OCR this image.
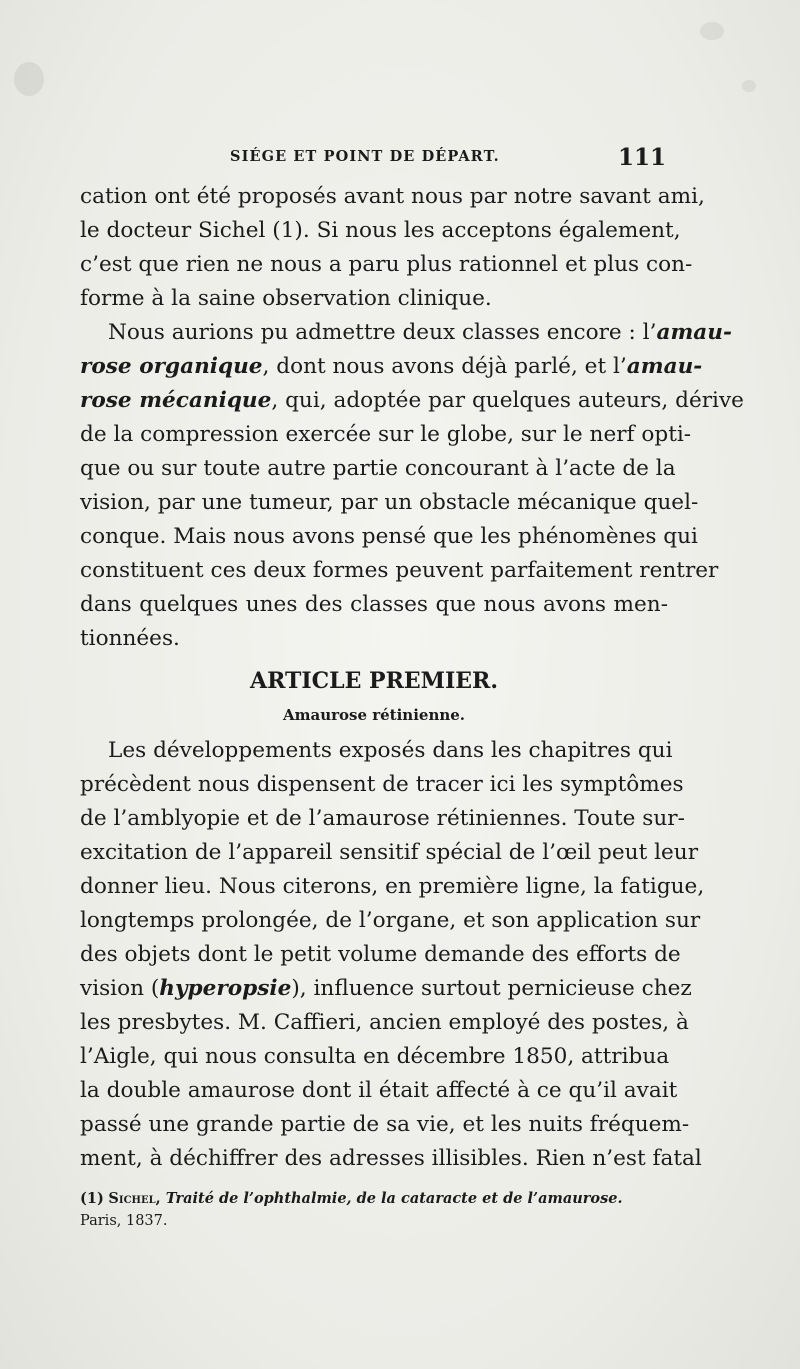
SIÉGE ET POINT DE DÉPART.	111
cation ont été proposés avant nous par notre savant ami,
le docteur Sichel (1). Si nous les acceptons également,
c’est que rien ne nous a paru plus rationnel et plus con-
forme à la saine observation clinique.
Nous aurions pu admettre deux classes encore : l’amau-
rose organique, dont nous avons déjà parlé, et l’amau-
rose mécanique, qui, adoptée par quelques auteurs, dérive
de la compression exercée sur le globe, sur le nerf opti-
que ou sur toute autre partie concourant à l’acte de la
vision, par une tumeur, par un obstacle mécanique quel-
conque. Mais nous avons pensé que les phénomènes qui
constituent ces deux formes peuvent parfaitement rentrer
dans quelques unes des classes que nous avons men-
tionnées.
ARTICLE PREMIER.
Amaurose rétinienne.
Les développements exposés dans les chapitres qui
précèdent nous dispensent de tracer ici les symptômes
de l’amblyopie et de l’amaurose rétiniennes. Toute sur-
excitation de l’appareil sensitif spécial de l’œil peut leur
donner lieu. Nous citerons, en première ligne, la fatigue,
longtemps prolongée, de l’organe, et son application sur
des objets dont le petit volume demande des efforts de
vision (hyperopsie), influence surtout pernicieuse chez
les presbytes. M. Caffieri, ancien employé des postes, à
l’Aigle, qui nous consulta en décembre 1850, attribua
la double amaurose dont il était affecté à ce qu’il avait
passé une grande partie de sa vie, et les nuits fréquem-
ment, à déchiffrer des adresses illisibles. Rien n’est fatal
(1) Sichel, Traité de l’ophthalmie, de la cataracte et de l’amaurose.
Paris, 1837.
